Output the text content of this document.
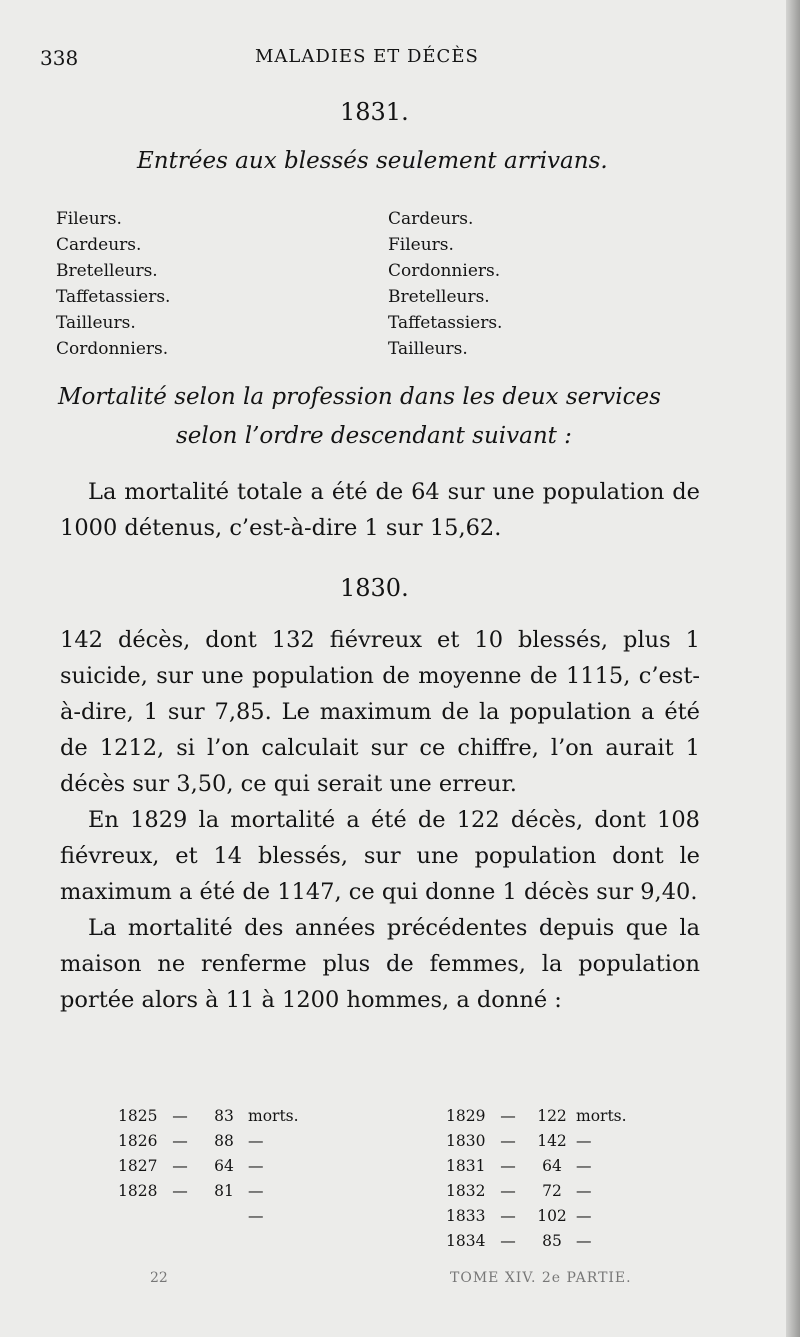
338	MALADIES ET DÉCÈS
1831.
Entrées aux blessés seulement arrivans.
Fileurs.
Cardeurs.
Bretelleurs.
Taffetassiers.
Tailleurs.
Cordonniers.
Cardeurs.
Fileurs.
Cordonniers.
Bretelleurs.
Taffetassiers.
Tailleurs.
Mortalité selon la profession dans les deux services
selon l’ordre descendant suivant :

La mortalité totale a été de 64 sur une population de 1000 détenus, c’est-à-dire 1 sur 15,62.

1830.

142 décès, dont 132 fiévreux et 10 blessés, plus 1 suicide, sur une population de moyenne de 1115, c’est-à-dire, 1 sur 7,85. Le maximum de la population a été de 1212, si l’on calculait sur ce chiffre, l’on aurait 1 décès sur 3,50, ce qui serait une erreur.

En 1829 la mortalité a été de 122 décès, dont 108 fiévreux, et 14 blessés, sur une population dont le maximum a été de 1147, ce qui donne 1 décès sur 9,40.

La mortalité des années précédentes depuis que la maison ne renferme plus de femmes, la population portée alors à 11 à 1200 hommes, a donné :

1825 — 83 morts.
1826 — 88 —
1827 — 64 —
1828 — 81 —
—
1829 — 122 morts.
1830 — 142 —
1831 — 64 —
1832 — 72 —
1833 — 102 —
1834 — 85 —
22	TOME XIV. 2e PARTIE.
